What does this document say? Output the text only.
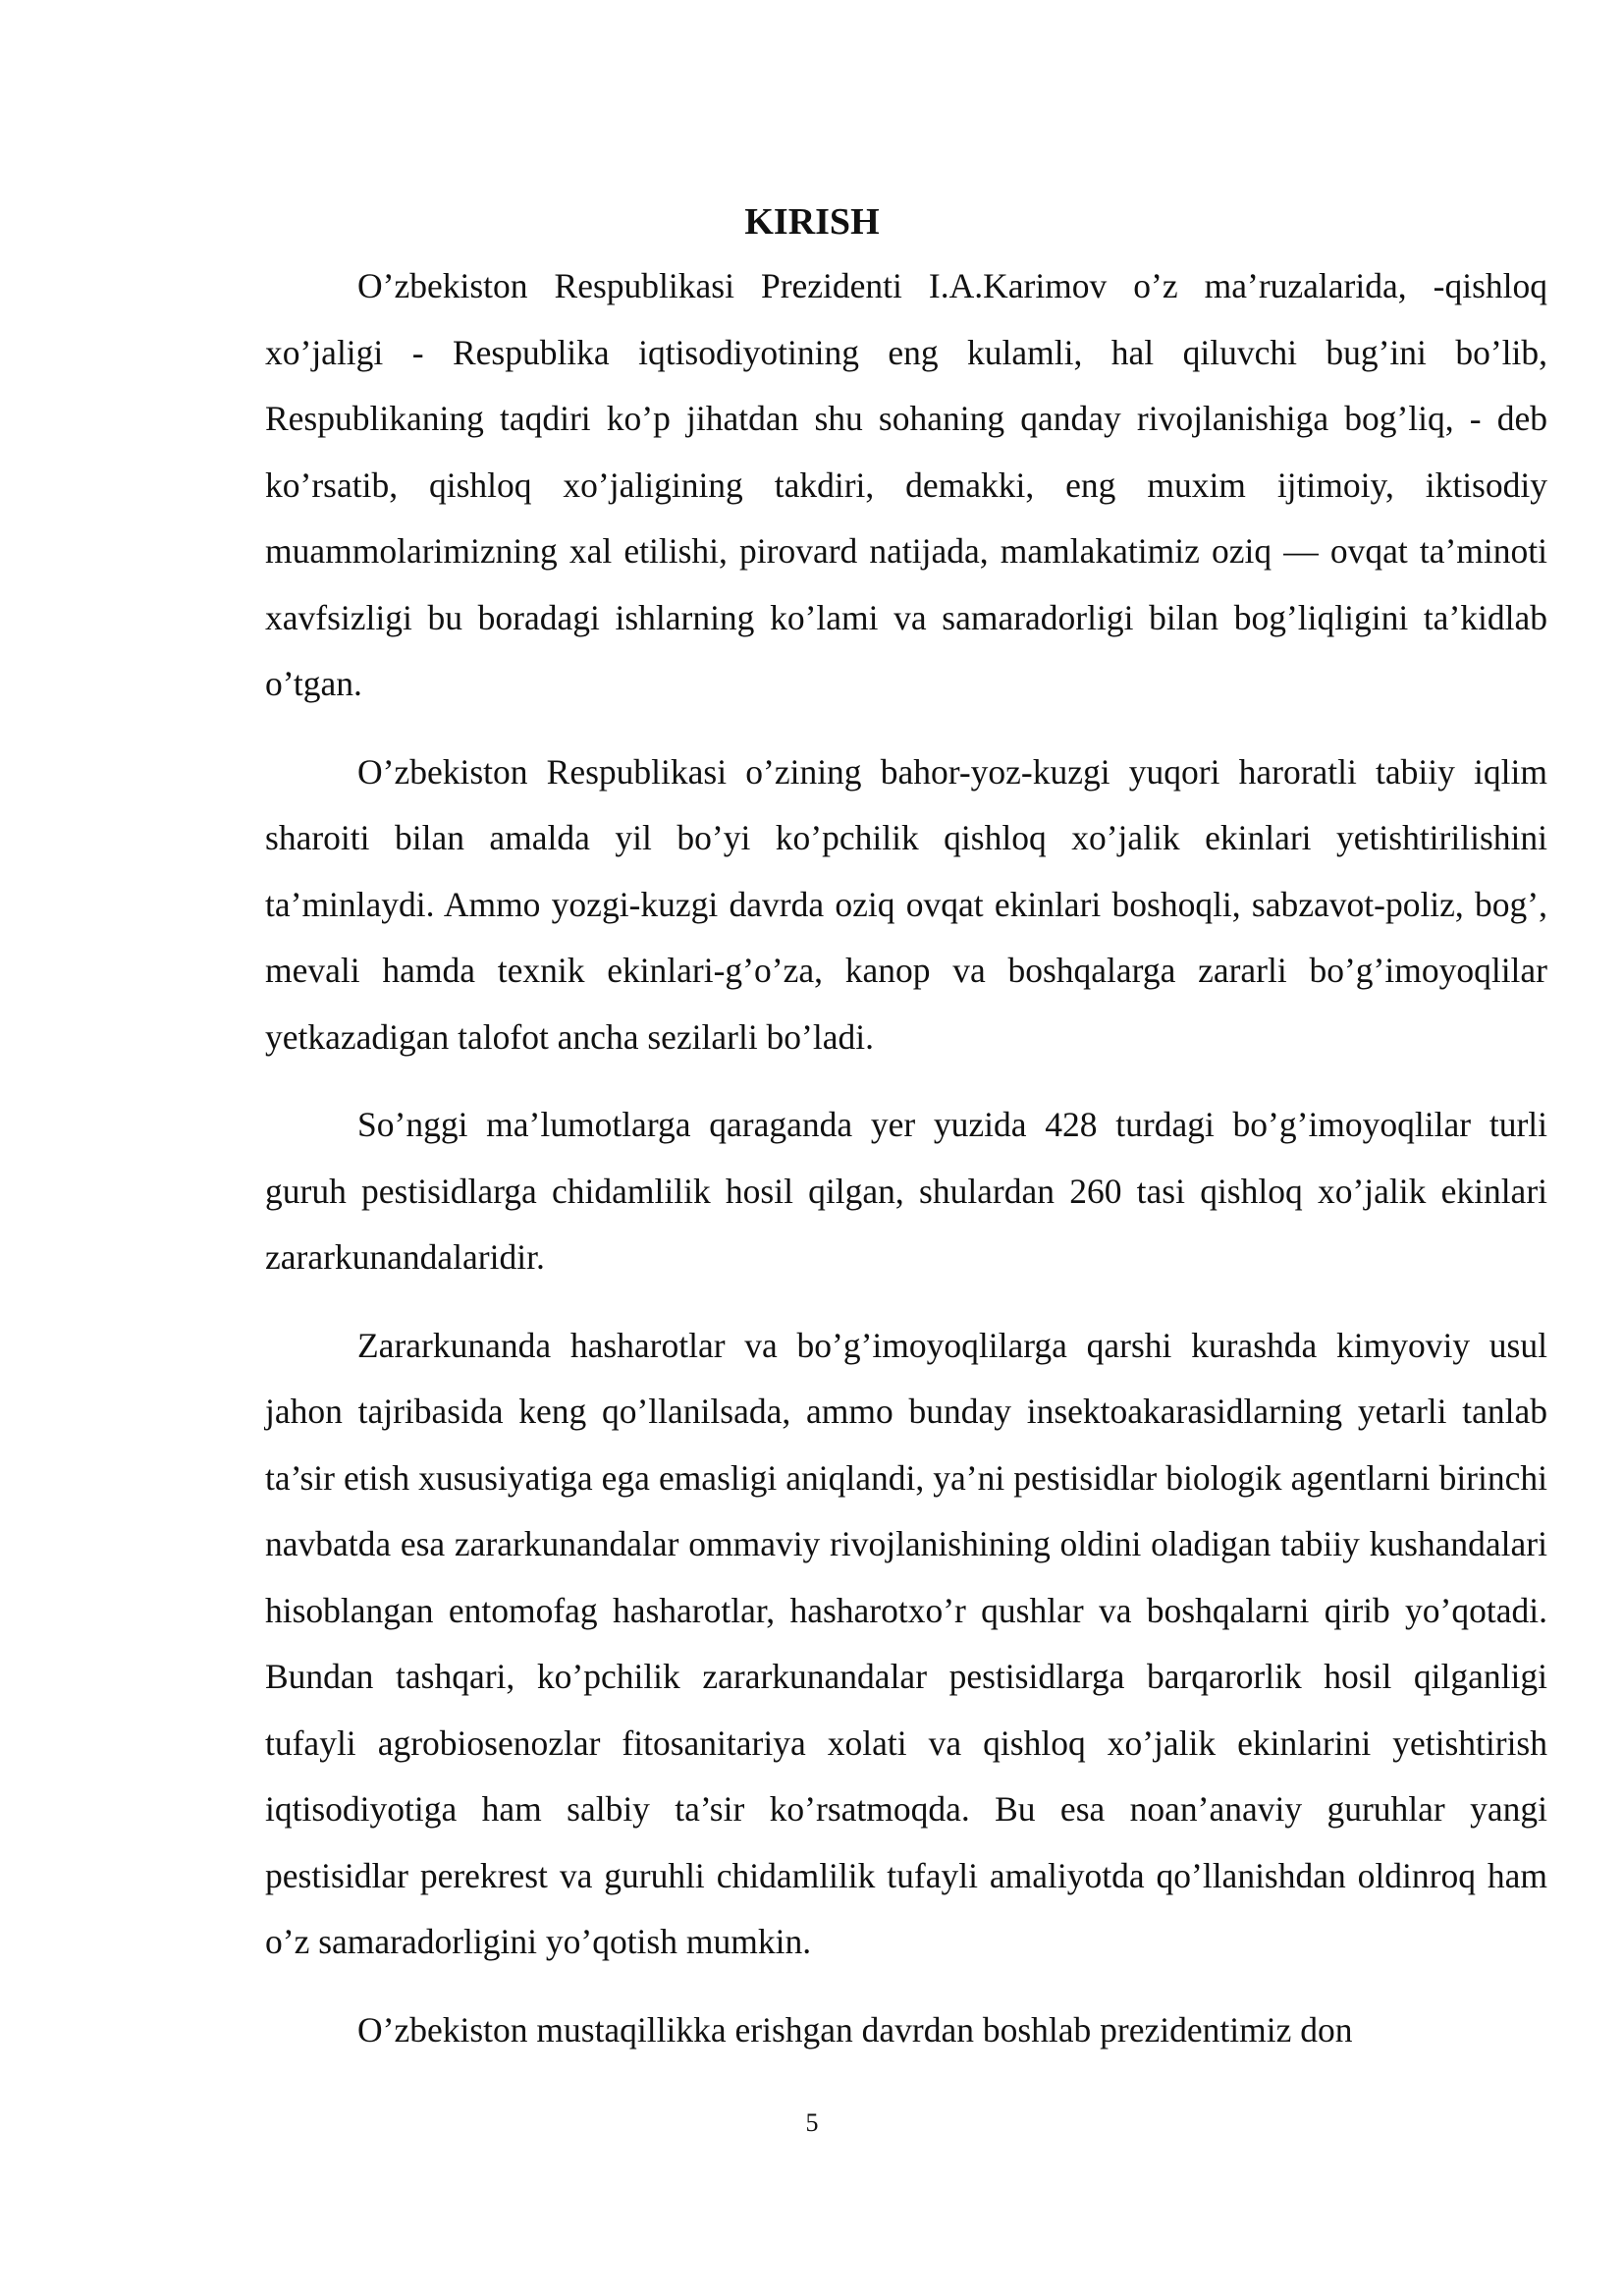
KIRISH

O’zbekiston Respublikasi Prezidenti I.A.Karimov o’z ma’ruzalarida, -qishloq xo’jaligi - Respublika iqtisodiyotining eng kulamli, hal qiluvchi bug’ini bo’lib, Respublikaning taqdiri ko’p jihatdan shu sohaning qanday rivojlanishiga bog’liq, - deb ko’rsatib, qishloq xo’jaligining takdiri, demakki, eng muxim ijtimoiy, iktisodiy muammolarimizning xal etilishi, pirovard natijada, mamlakatimiz oziq — ovqat ta’minoti xavfsizligi bu boradagi ishlarning ko’lami va samaradorligi bilan bog’liqligini ta’kidlab o’tgan.

O’zbekiston Respublikasi o’zining bahor-yoz-kuzgi yuqori haroratli tabiiy iqlim sharoiti bilan amalda yil bo’yi ko’pchilik qishloq xo’jalik ekinlari yetishtirilishini ta’minlaydi. Ammo yozgi-kuzgi davrda oziq ovqat ekinlari boshoqli, sabzavot-poliz, bog’, mevali hamda texnik ekinlari-g’o’za, kanop va boshqalarga zararli bo’g’imoyoqlilar yetkazadigan talofot ancha sezilarli bo’ladi.

So’nggi ma’lumotlarga qaraganda yer yuzida 428 turdagi bo’g’imoyoqlilar turli guruh pestisidlarga chidamlilik hosil qilgan, shulardan 260 tasi qishloq xo’jalik ekinlari zararkunandalaridir.

Zararkunanda hasharotlar va bo’g’imoyoqlilarga qarshi kurashda kimyoviy usul jahon tajribasida keng qo’llanilsada, ammo bunday insektoakarasidlarning yetarli tanlab ta’sir etish xususiyatiga ega emasligi aniqlandi, ya’ni pestisidlar biologik agentlarni birinchi navbatda esa zararkunandalar ommaviy rivojlanishining oldini oladigan tabiiy kushandalari hisoblangan entomofag hasharotlar, hasharotxo’r qushlar va boshqalarni qirib yo’qotadi. Bundan tashqari, ko’pchilik zararkunandalar pestisidlarga barqarorlik hosil qilganligi tufayli agrobiosenozlar fitosanitariya xolati va qishloq xo’jalik ekinlarini yetishtirish iqtisodiyotiga ham salbiy ta’sir ko’rsatmoqda. Bu esa noan’anaviy guruhlar yangi pestisidlar perekrest va guruhli chidamlilik tufayli amaliyotda qo’llanishdan oldinroq ham o’z samaradorligini yo’qotish mumkin.

O’zbekiston mustaqillikka erishgan davrdan boshlab prezidentimiz don

5
